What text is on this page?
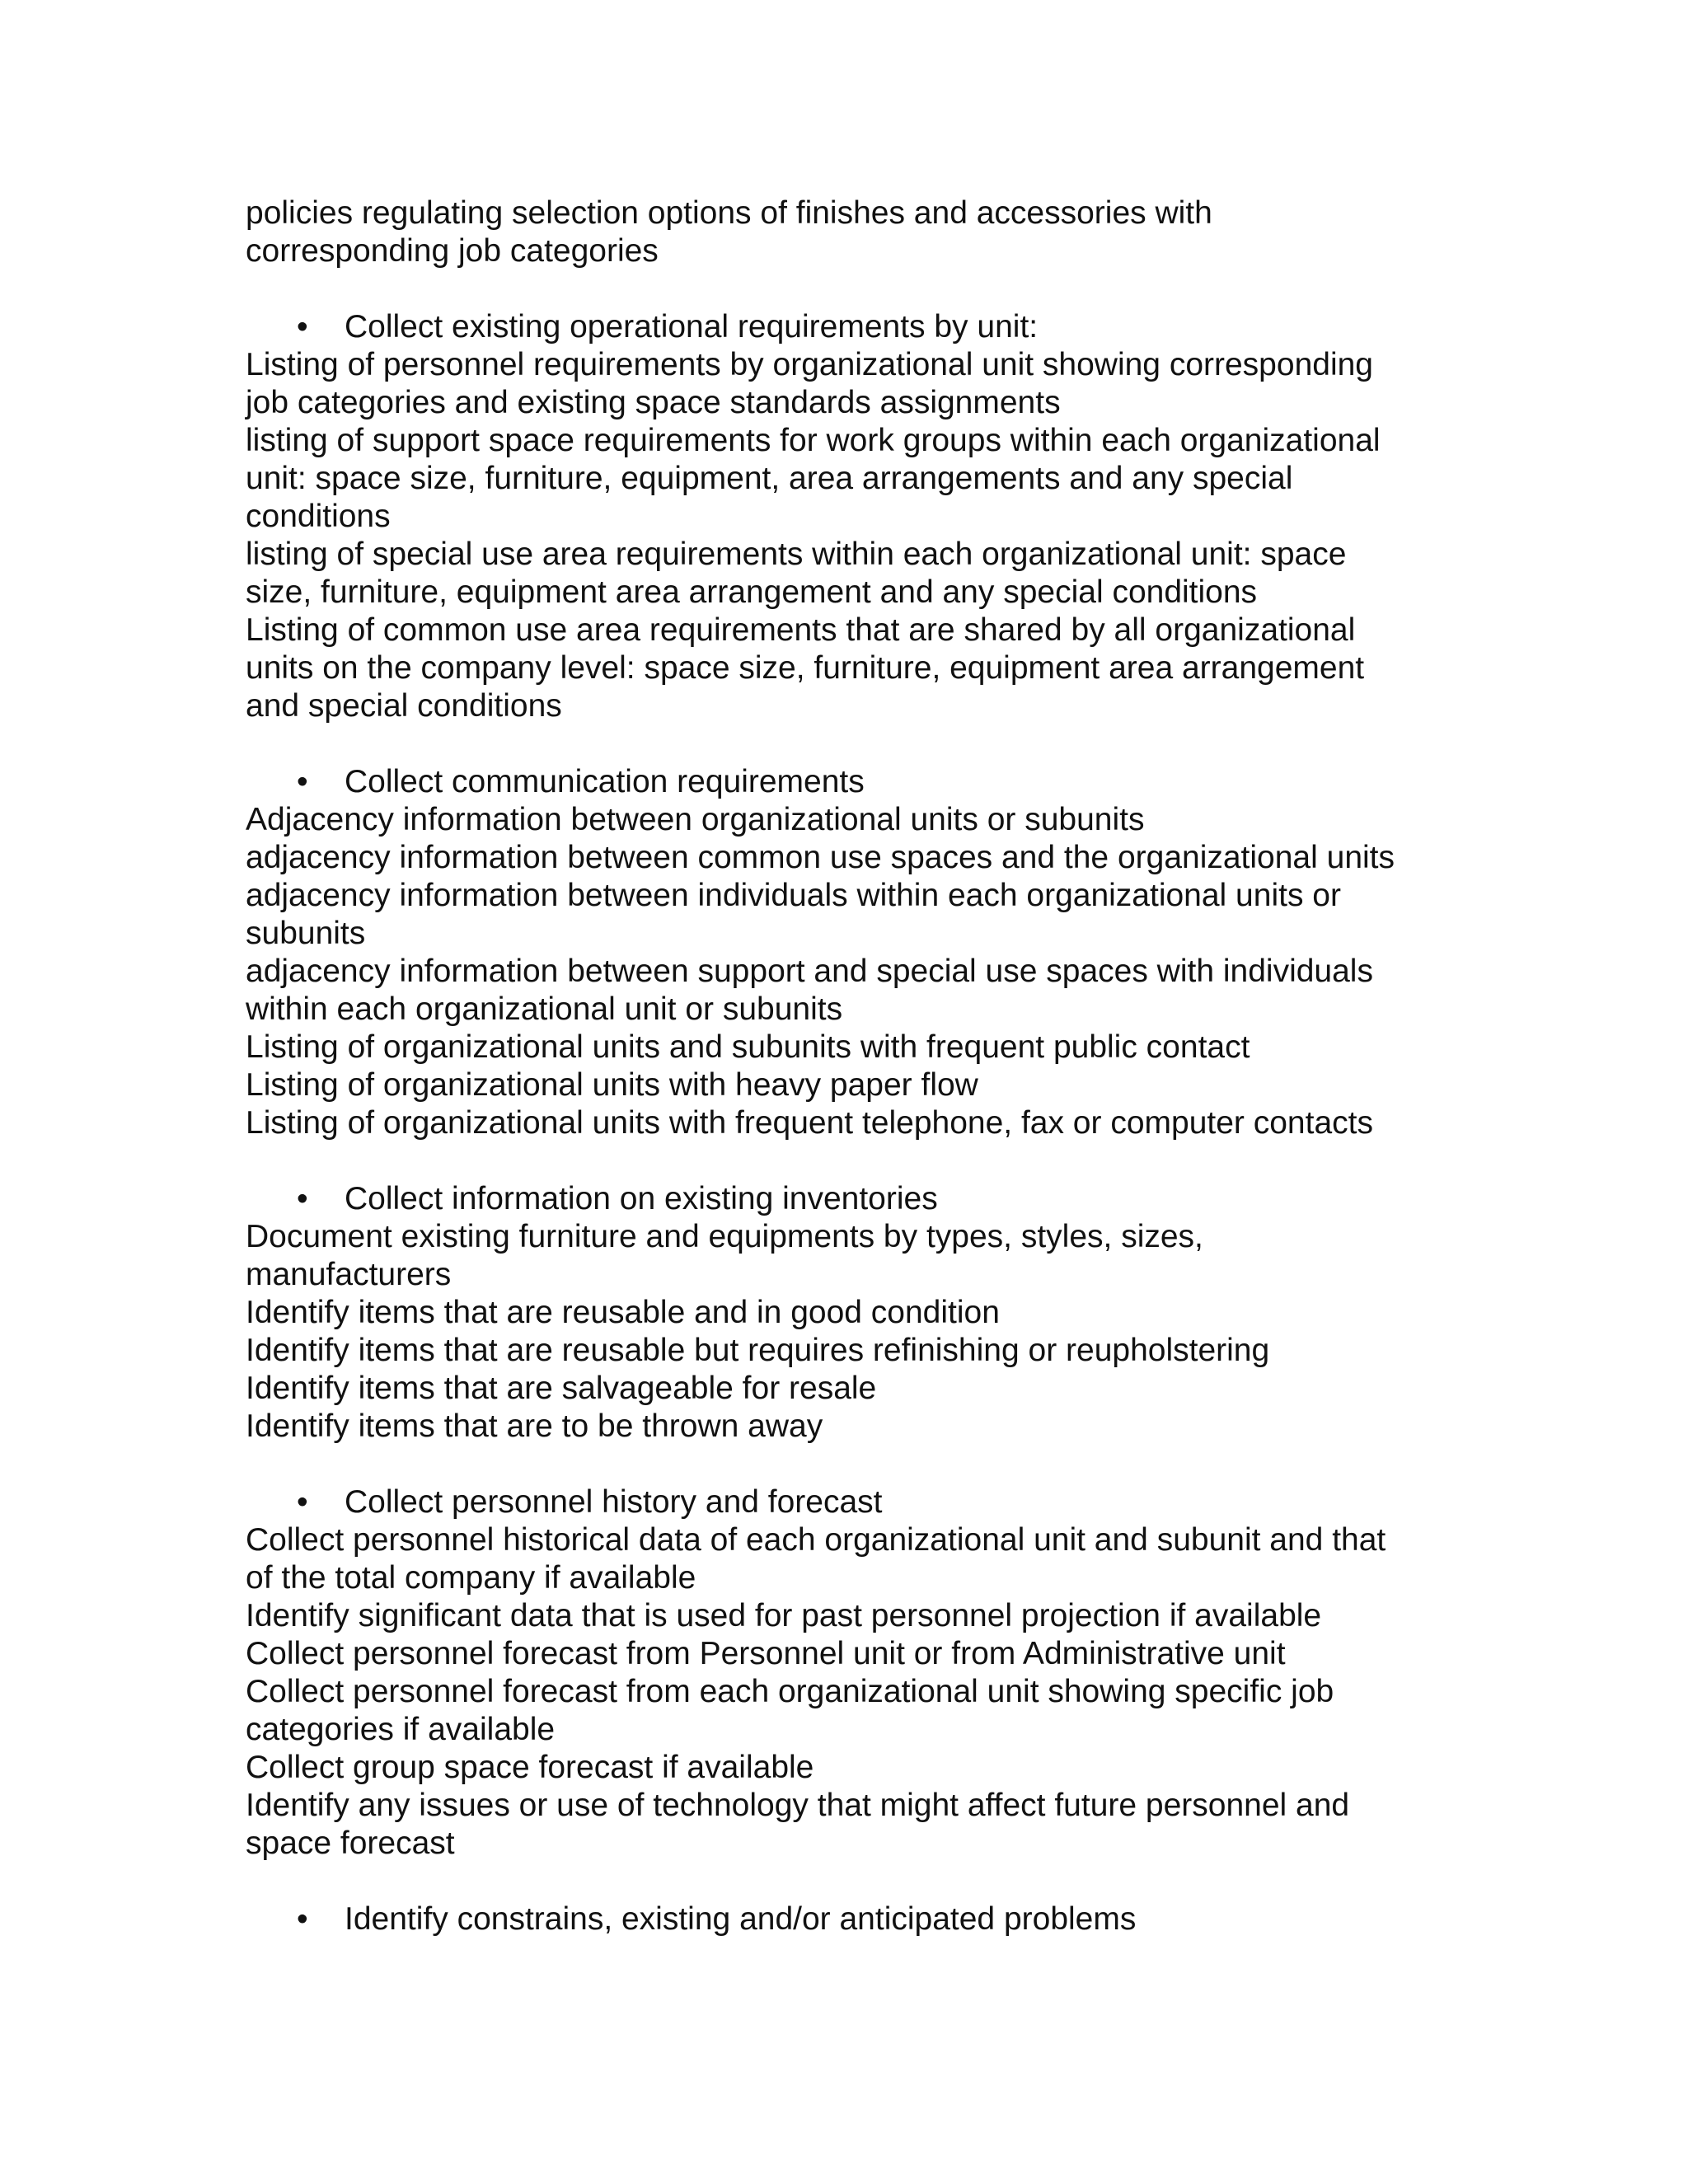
policies regulating selection options of finishes and accessories with
corresponding job categories

• Collect existing operational requirements by unit:
Listing of personnel requirements by organizational unit showing corresponding
job categories and existing space standards assignments
listing of support space requirements for work groups within each organizational
unit: space size, furniture, equipment, area arrangements and any special
conditions
listing of special use area requirements within each organizational unit: space
size, furniture, equipment area arrangement and any special conditions
Listing of common use area requirements that are shared by all organizational
units on the company level: space size, furniture, equipment area arrangement
and special conditions
• Collect communication requirements
Adjacency information between organizational units or subunits
adjacency information between common use spaces and the organizational units
adjacency information between individuals within each organizational units or
subunits
adjacency information between support and special use spaces with individuals
within each organizational unit or subunits
Listing of organizational units and subunits with frequent public contact
Listing of organizational units with heavy paper flow
Listing of organizational units with frequent telephone, fax or computer contacts
• Collect information on existing inventories
Document existing furniture and equipments by types, styles, sizes,
manufacturers
Identify items that are reusable and in good condition
Identify items that are reusable but requires refinishing or reupholstering
Identify items that are salvageable for resale
Identify items that are to be thrown away
• Collect personnel history and forecast
Collect personnel historical data of each organizational unit and subunit and that
of the total company if available
Identify significant data that is used for past personnel projection if available
Collect personnel forecast from Personnel unit or from Administrative unit
Collect personnel forecast from each organizational unit showing specific job
categories if available
Collect group space forecast if available
Identify any issues or use of technology that might affect future personnel and
space forecast
• Identify constrains, existing and/or anticipated problems
